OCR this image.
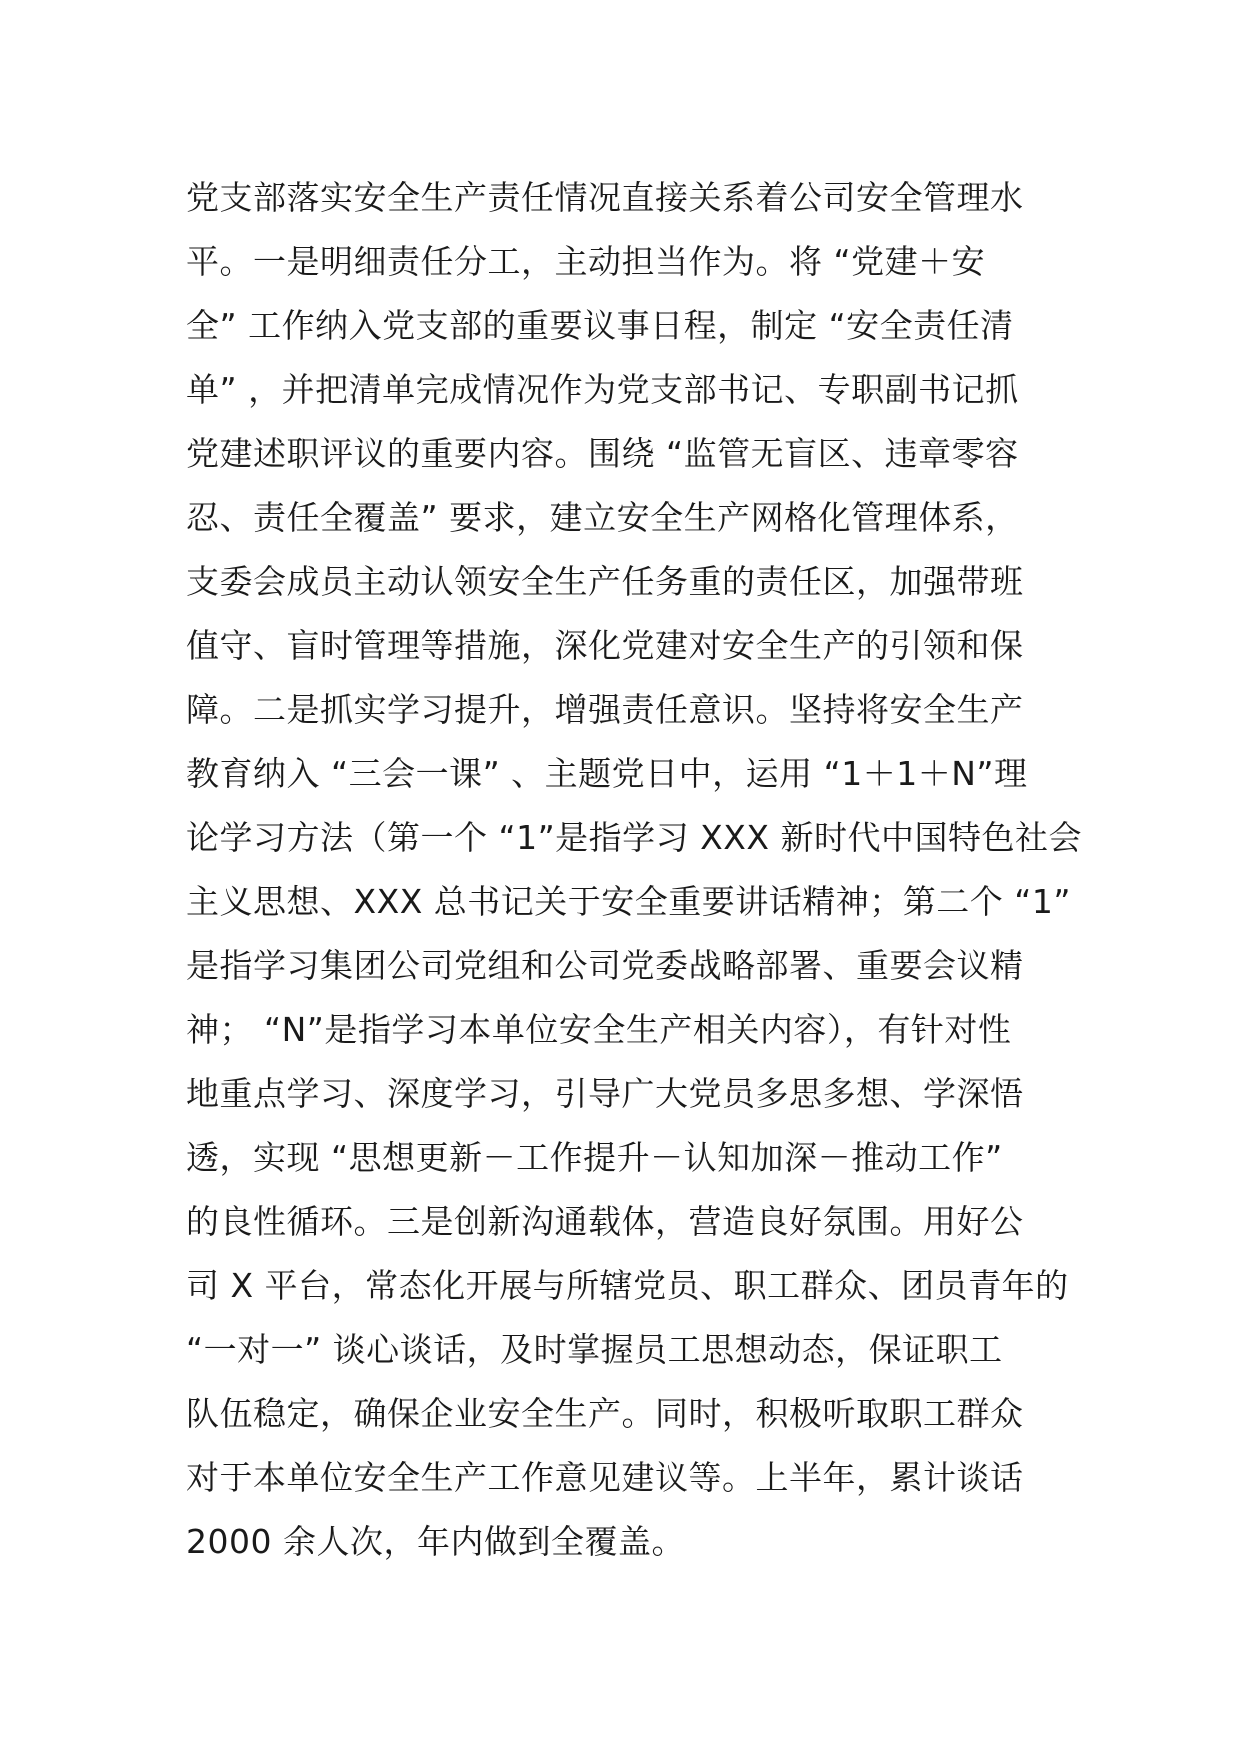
党支部落实安全生产责任情况直接关系着公司安全管理水
平。一是明细责任分工，主动担当作为。将 “党建＋安
全” 工作纳入党支部的重要议事日程，制定 “安全责任清
单” ，并把清单完成情况作为党支部书记、专职副书记抓
党建述职评议的重要内容。围绕 “监管无盲区、违章零容
忍、责任全覆盖” 要求，建立安全生产网格化管理体系，
支委会成员主动认领安全生产任务重的责任区，加强带班
值守、盲时管理等措施，深化党建对安全生产的引领和保
障。二是抓实学习提升，增强责任意识。坚持将安全生产
教育纳入 “三会一课” 、主题党日中，运用 “1＋1＋N”理
论学习方法（第一个 “1”是指学习 XXX 新时代中国特色社会
主义思想、XXX 总书记关于安全重要讲话精神；第二个 “1”
是指学习集团公司党组和公司党委战略部署、重要会议精
神； “N”是指学习本单位安全生产相关内容），有针对性
地重点学习、深度学习，引导广大党员多思多想、学深悟
透，实现 “思想更新－工作提升－认知加深－推动工作”
的良性循环。三是创新沟通载体，营造良好氛围。用好公
司 X 平台，常态化开展与所辖党员、职工群众、团员青年的
“一对一” 谈心谈话，及时掌握员工思想动态，保证职工
队伍稳定，确保企业安全生产。同时，积极听取职工群众
对于本单位安全生产工作意见建议等。上半年，累计谈话
2000 余人次，年内做到全覆盖。
